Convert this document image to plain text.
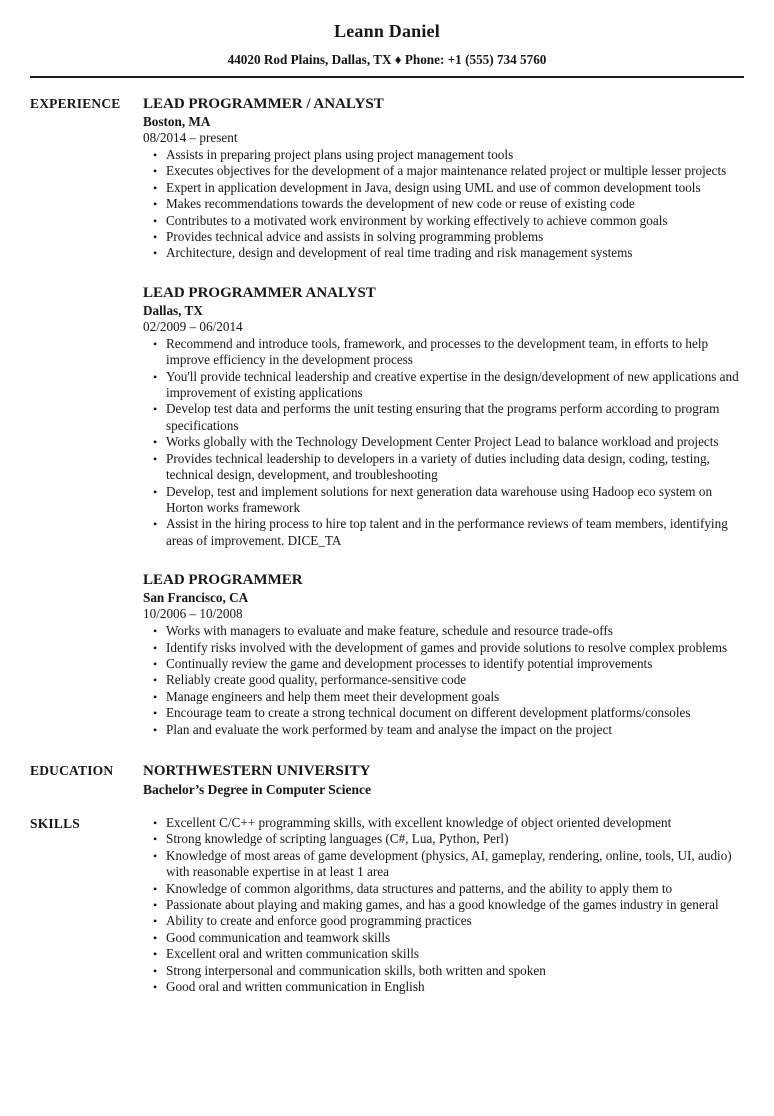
Leann Daniel
44020 Rod Plains, Dallas, TX ♦ Phone: +1 (555) 734 5760
EXPERIENCE	LEAD PROGRAMMER / ANALYST
Boston, MA
08/2014 – present
• Assists in preparing project plans using project management tools
• Executes objectives for the development of a major maintenance related project or multiple lesser projects
• Expert in application development in Java, design using UML and use of common development tools
• Makes recommendations towards the development of new code or reuse of existing code
• Contributes to a motivated work environment by working effectively to achieve common goals
• Provides technical advice and assists in solving programming problems
• Architecture, design and development of real time trading and risk management systems
LEAD PROGRAMMER ANALYST
Dallas, TX
02/2009 – 06/2014
• Recommend and introduce tools, framework, and processes to the development team, in efforts to help improve efficiency in the development process
• You'll provide technical leadership and creative expertise in the design/development of new applications and improvement of existing applications
• Develop test data and performs the unit testing ensuring that the programs perform according to program specifications
• Works globally with the Technology Development Center Project Lead to balance workload and projects
• Provides technical leadership to developers in a variety of duties including data design, coding, testing, technical design, development, and troubleshooting
• Develop, test and implement solutions for next generation data warehouse using Hadoop eco system on Horton works framework
• Assist in the hiring process to hire top talent and in the performance reviews of team members, identifying areas of improvement. DICE_TA
LEAD PROGRAMMER
San Francisco, CA
10/2006 – 10/2008
• Works with managers to evaluate and make feature, schedule and resource trade-offs
• Identify risks involved with the development of games and provide solutions to resolve complex problems
• Continually review the game and development processes to identify potential improvements
• Reliably create good quality, performance-sensitive code
• Manage engineers and help them meet their development goals
• Encourage team to create a strong technical document on different development platforms/consoles
• Plan and evaluate the work performed by team and analyse the impact on the project
EDUCATION	NORTHWESTERN UNIVERSITY
Bachelor’s Degree in Computer Science
SKILLS	• Excellent C/C++ programming skills, with excellent knowledge of object oriented development
• Strong knowledge of scripting languages (C#, Lua, Python, Perl)
• Knowledge of most areas of game development (physics, AI, gameplay, rendering, online, tools, UI, audio) with reasonable expertise in at least 1 area
• Knowledge of common algorithms, data structures and patterns, and the ability to apply them to
• Passionate about playing and making games, and has a good knowledge of the games industry in general
• Ability to create and enforce good programming practices
• Good communication and teamwork skills
• Excellent oral and written communication skills
• Strong interpersonal and communication skills, both written and spoken
• Good oral and written communication in English
